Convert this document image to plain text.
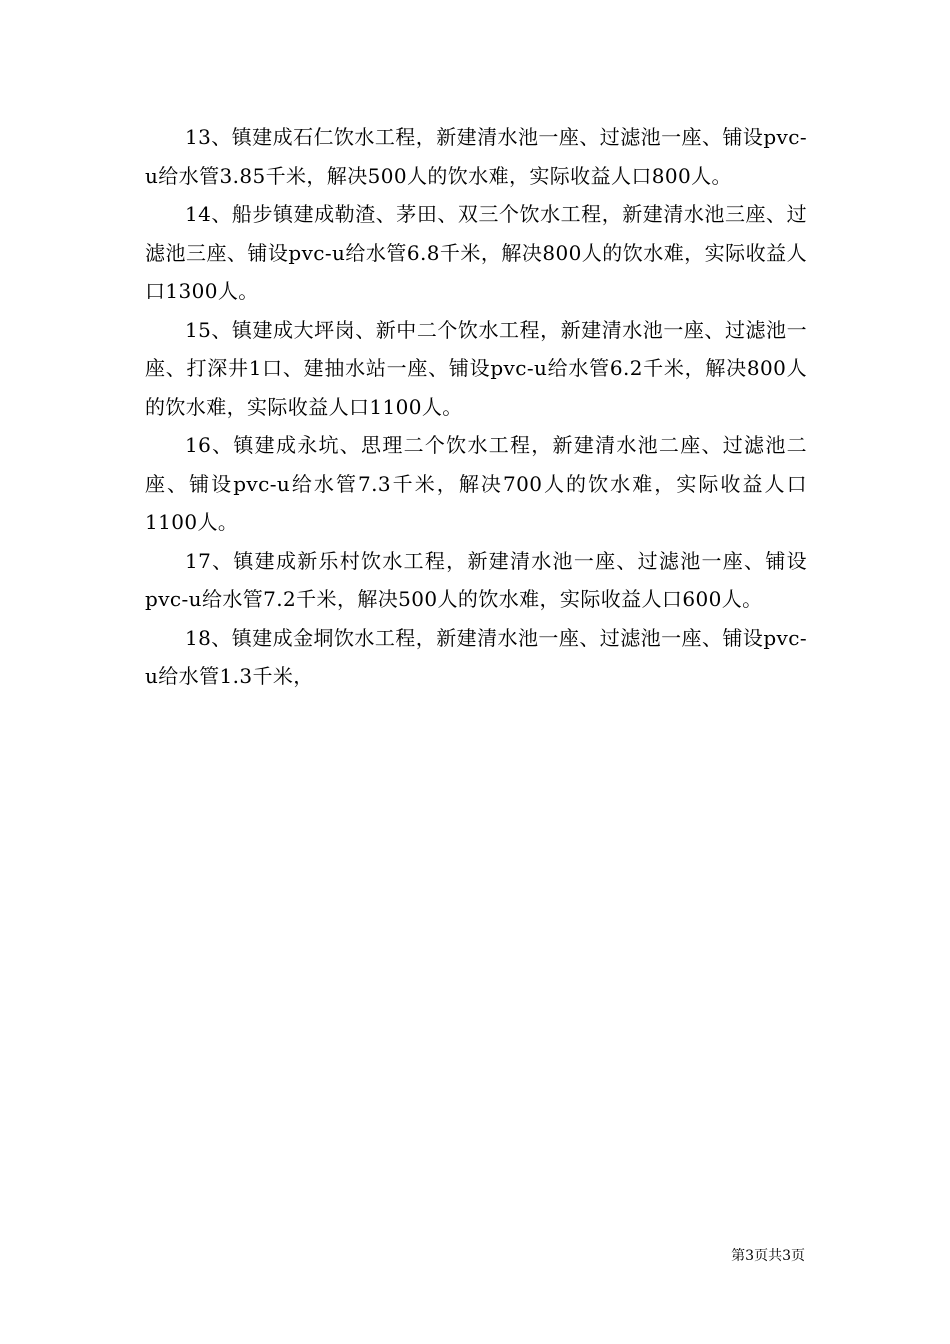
13、镇建成石仁饮水工程，新建清水池一座、过滤池一座、铺设pvc-u给水管3.85千米，解决500人的饮水难，实际收益人口800人。

14、船步镇建成勒渣、茅田、双三个饮水工程，新建清水池三座、过滤池三座、铺设pvc-u给水管6.8千米，解决800人的饮水难，实际收益人口1300人。

15、镇建成大坪岗、新中二个饮水工程，新建清水池一座、过滤池一座、打深井1口、建抽水站一座、铺设pvc-u给水管6.2千米，解决800人的饮水难，实际收益人口1100人。

16、镇建成永坑、思理二个饮水工程，新建清水池二座、过滤池二座、铺设pvc-u给水管7.3千米，解决700人的饮水难，实际收益人口1100人。

17、镇建成新乐村饮水工程，新建清水池一座、过滤池一座、铺设pvc-u给水管7.2千米，解决500人的饮水难，实际收益人口600人。

18、镇建成金垌饮水工程，新建清水池一座、过滤池一座、铺设pvc-u给水管1.3千米，

第3页共3页
